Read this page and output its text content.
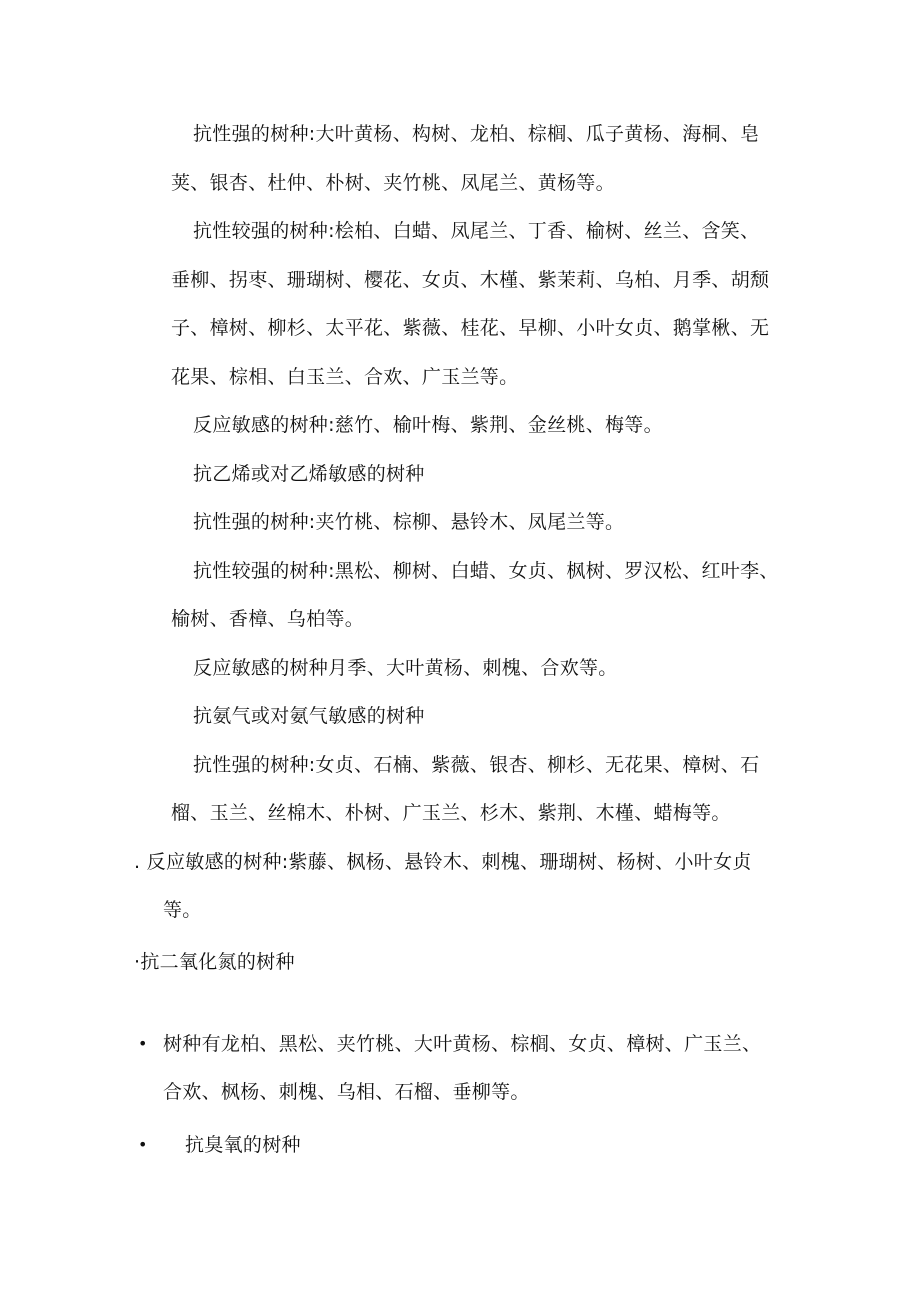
抗性强的树种:大叶黄杨、构树、龙柏、棕榈、瓜子黄杨、海桐、皂
荚、银杏、杜仲、朴树、夹竹桃、凤尾兰、黄杨等。
抗性较强的树种:桧柏、白蜡、凤尾兰、丁香、榆树、丝兰、含笑、
垂柳、拐枣、珊瑚树、樱花、女贞、木槿、紫茉莉、乌柏、月季、胡颓
子、樟树、柳杉、太平花、紫薇、桂花、早柳、小叶女贞、鹅掌楸、无
花果、棕相、白玉兰、合欢、广玉兰等。
反应敏感的树种:慈竹、榆叶梅、紫荆、金丝桃、梅等。
抗乙烯或对乙烯敏感的树种
抗性强的树种:夹竹桃、棕柳、悬铃木、凤尾兰等。
抗性较强的树种:黑松、柳树、白蜡、女贞、枫树、罗汉松、红叶李、
榆树、香樟、乌柏等。
反应敏感的树种月季、大叶黄杨、刺槐、合欢等。
抗氨气或对氨气敏感的树种
抗性强的树种:女贞、石楠、紫薇、银杏、柳杉、无花果、樟树、石
榴、玉兰、丝棉木、朴树、广玉兰、杉木、紫荆、木槿、蜡梅等。
. 反应敏感的树种:紫藤、枫杨、悬铃木、刺槐、珊瑚树、杨树、小叶女贞
等。
·抗二氧化氮的树种
• 树种有龙柏、黑松、夹竹桃、大叶黄杨、棕榈、女贞、樟树、广玉兰、
合欢、枫杨、刺槐、乌相、石榴、垂柳等。
• 抗臭氧的树种
